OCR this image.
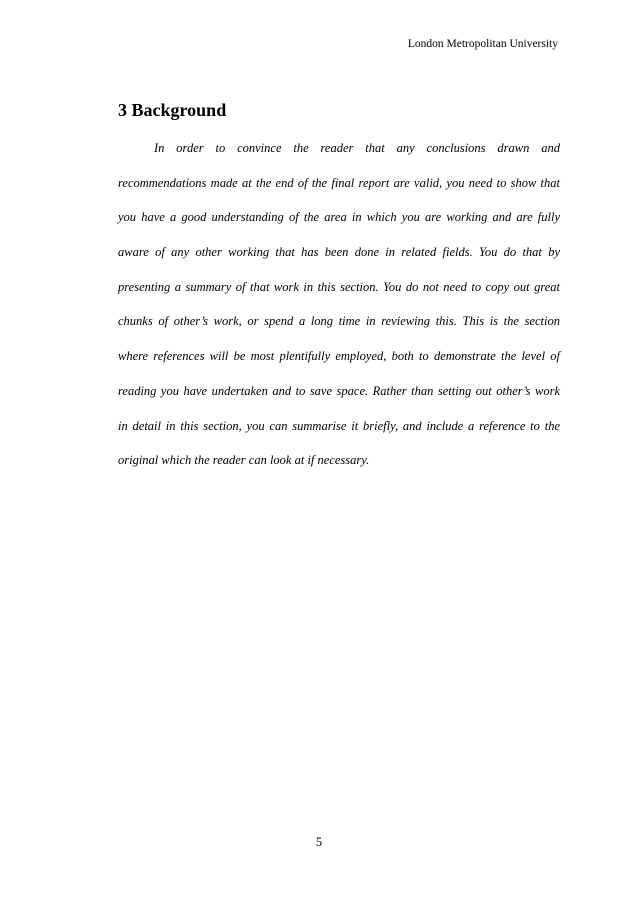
London Metropolitan University
3 Background
In order to convince the reader that any conclusions drawn and
recommendations made at the end of the final report are valid, you need to show that
you have a good understanding of the area in which you are working and are fully
aware of any other working that has been done in related fields. You do that by
presenting a summary of that work in this section. You do not need to copy out great
chunks of other’s work, or spend a long time in reviewing this. This is the section
where references will be most plentifully employed, both to demonstrate the level of
reading you have undertaken and to save space. Rather than setting out other’s work
in detail in this section, you can summarise it briefly, and include a reference to the
original which the reader can look at if necessary.
5
